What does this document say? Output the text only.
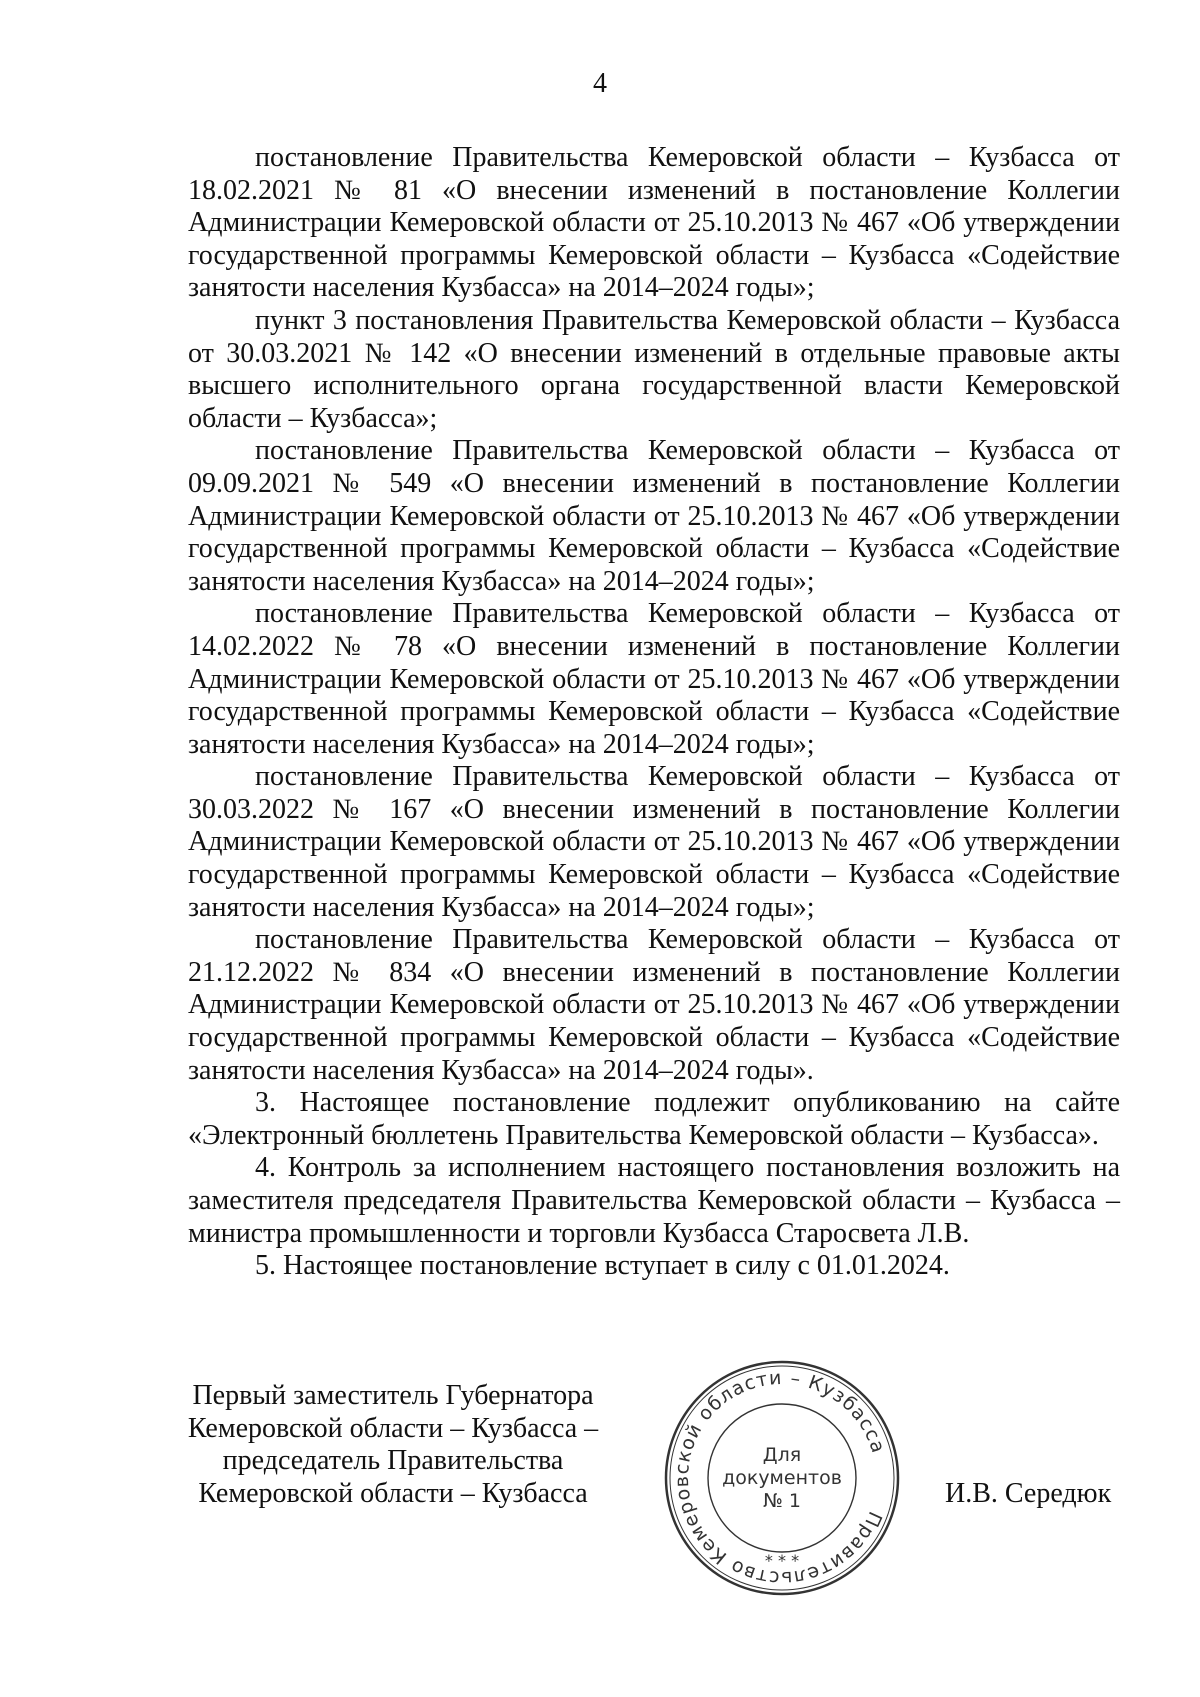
4

постановление Правительства Кемеровской области – Кузбасса от 18.02.2021 № 81 «О внесении изменений в постановление Коллегии Администрации Кемеровской области от 25.10.2013 № 467 «Об утверждении государственной программы Кемеровской области – Кузбасса «Содействие занятости населения Кузбасса» на 2014–2024 годы»;

пункт 3 постановления Правительства Кемеровской области – Кузбасса от 30.03.2021 № 142 «О внесении изменений в отдельные правовые акты высшего исполнительного органа государственной власти Кемеровской области – Кузбасса»;

постановление Правительства Кемеровской области – Кузбасса от 09.09.2021 № 549 «О внесении изменений в постановление Коллегии Администрации Кемеровской области от 25.10.2013 № 467 «Об утверждении государственной программы Кемеровской области – Кузбасса «Содействие занятости населения Кузбасса» на 2014–2024 годы»;

постановление Правительства Кемеровской области – Кузбасса от 14.02.2022 № 78 «О внесении изменений в постановление Коллегии Администрации Кемеровской области от 25.10.2013 № 467 «Об утверждении государственной программы Кемеровской области – Кузбасса «Содействие занятости населения Кузбасса» на 2014–2024 годы»;

постановление Правительства Кемеровской области – Кузбасса от 30.03.2022 № 167 «О внесении изменений в постановление Коллегии Администрации Кемеровской области от 25.10.2013 № 467 «Об утверждении государственной программы Кемеровской области – Кузбасса «Содействие занятости населения Кузбасса» на 2014–2024 годы»;

постановление Правительства Кемеровской области – Кузбасса от 21.12.2022 № 834 «О внесении изменений в постановление Коллегии Администрации Кемеровской области от 25.10.2013 № 467 «Об утверждении государственной программы Кемеровской области – Кузбасса «Содействие занятости населения Кузбасса» на 2014–2024 годы».

3. Настоящее постановление подлежит опубликованию на сайте «Электронный бюллетень Правительства Кемеровской области – Кузбасса».

4. Контроль за исполнением настоящего постановления возложить на заместителя председателя Правительства Кемеровской области – Кузбасса – министра промышленности и торговли Кузбасса Старосвета Л.В.

5. Настоящее постановление вступает в силу с 01.01.2024.

Первый заместитель Губернатора
Кемеровской области – Кузбасса –
председатель Правительства
Кемеровской области – Кузбасса
Правительство Кемеровской области – Кузбасса
* * *
Для
документов
№ 1	И.В. Середюк
